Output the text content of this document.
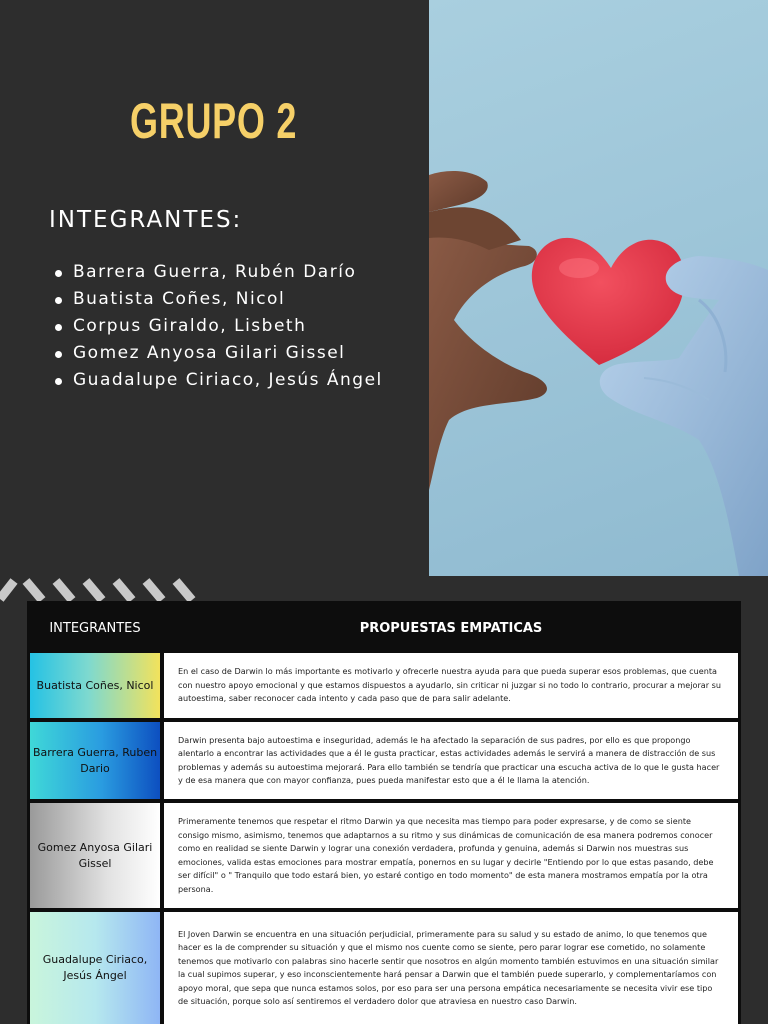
GRUPO 2
INTEGRANTES:
Barrera Guerra, Rubén Darío
Buatista Coñes, Nicol
Corpus Giraldo, Lisbeth
Gomez Anyosa Gilari Gissel
Guadalupe Ciriaco, Jesús Ángel
INTEGRANTES	PROPUESTAS EMPATICAS
Buatista Coñes, Nicol
En el caso de Darwin lo más importante es motivarlo y ofrecerle nuestra ayuda para que pueda superar esos problemas, que cuenta con nuestro apoyo emocional y que estamos dispuestos a ayudarlo, sin criticar ni juzgar si no todo lo contrario, procurar a mejorar su autoestima, saber reconocer cada intento y cada paso que de para salir adelante.
Barrera Guerra, Ruben Dario
Darwin presenta bajo autoestima e inseguridad, además le ha afectado la separación de sus padres, por ello es que propongo alentarlo a encontrar las actividades que a él le gusta practicar, estas actividades además le servirá a manera de distracción de sus problemas y además su autoestima mejorará. Para ello también se tendría que practicar una escucha activa de lo que le gusta hacer y de esa manera que con mayor confianza, pues pueda manifestar esto que a él le llama la atención.
Gomez Anyosa Gilari Gissel
Primeramente tenemos que respetar el ritmo Darwin ya que necesita mas tiempo para poder expresarse, y de como se siente consigo mismo, asimismo, tenemos que adaptarnos a su ritmo y sus dinámicas de comunicación de esa manera podremos conocer como en realidad se siente Darwin y lograr una conexión verdadera, profunda y genuina, además si Darwin nos muestras sus emociones, valida estas emociones para mostrar empatía, ponernos en su lugar y decirle "Entiendo por lo que estas pasando, debe ser difícil" o " Tranquilo que todo estará bien, yo estaré contigo en todo momento" de esta manera mostramos empatía por la otra persona.
Guadalupe Ciriaco, Jesús Ángel
El Joven Darwin se encuentra en una situación perjudicial, primeramente para su salud y su estado de animo, lo que tenemos que hacer es la de comprender su situación y que el mismo nos cuente como se siente, pero parar lograr ese cometido, no solamente tenemos que motivarlo con palabras sino hacerle sentir que nosotros en algún momento también estuvimos en una situación similar la cual supimos superar, y eso inconscientemente hará pensar a Darwin que el también puede superarlo, y complementaríamos con apoyo moral, que sepa que nunca estamos solos, por eso para ser una persona empática necesariamente se necesita vivir ese tipo de situación, porque solo así sentiremos el verdadero dolor que atraviesa en nuestro caso Darwin.
